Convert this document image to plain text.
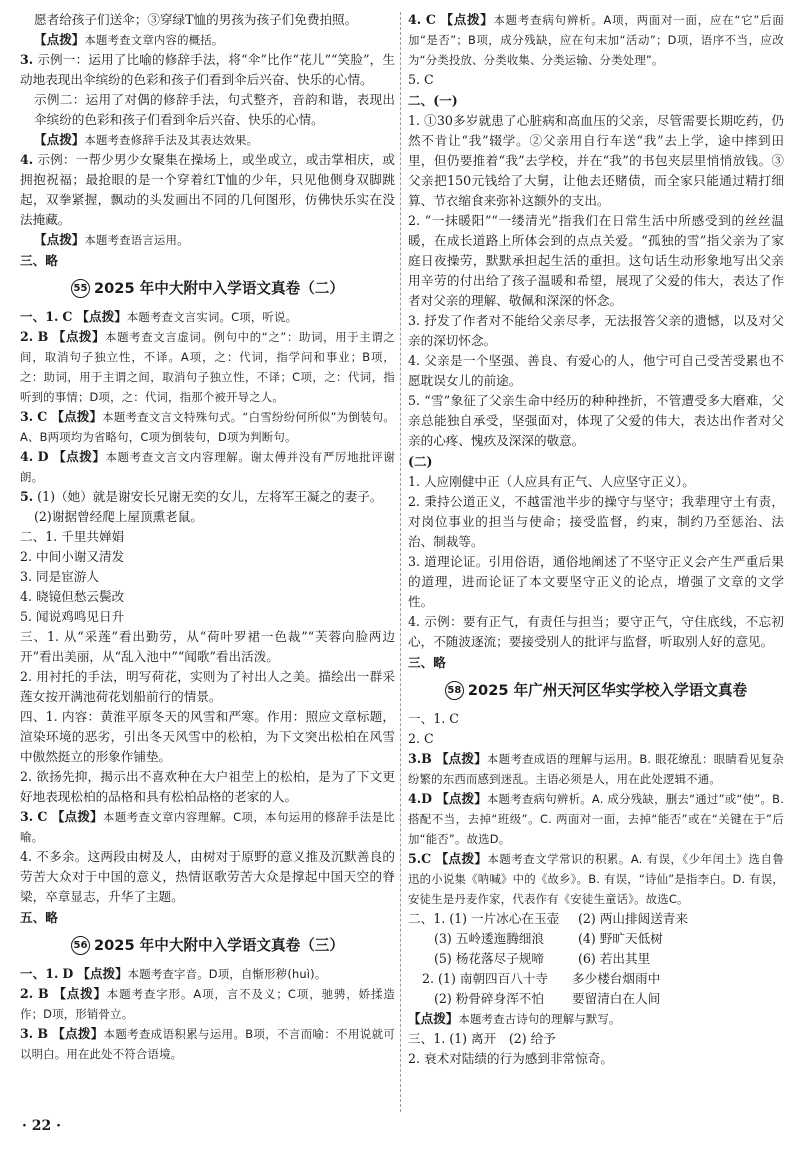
愿者给孩子们送伞；③穿绿T恤的男孩为孩子们免费拍照。

【点拨】本题考查文章内容的概括。

3. 示例一：运用了比喻的修辞手法，将“伞”比作“花儿”“笑脸”，生动地表现出伞缤纷的色彩和孩子们看到伞后兴奋、快乐的心情。

示例二：运用了对偶的修辞手法，句式整齐，音韵和谐，表现出伞缤纷的色彩和孩子们看到伞后兴奋、快乐的心情。

【点拨】本题考查修辞手法及其表达效果。

4. 示例：一帮少男少女聚集在操场上，或坐或立，或击掌相庆，或拥抱祝福；最抢眼的是一个穿着红T恤的少年，只见他侧身双脚跳起，双拳紧握，飘动的头发画出不同的几何图形，仿佛快乐实在没法掩藏。

【点拨】本题考查语言运用。

三、略

55 2025 年中大附中入学语文真卷（二）

一、1. C 【点拨】本题考查文言实词。C项，听说。

2. B 【点拨】本题考查文言虚词。例句中的“之”：助词，用于主谓之间，取消句子独立性，不译。A项，之：代词，指学问和事业；B项，之：助词，用于主谓之间，取消句子独立性，不译；C项，之：代词，指听到的事情；D项，之：代词，指那个被开导之人。

3. C 【点拨】本题考查文言文特殊句式。“白雪纷纷何所似”为倒装句。A、B两项均为省略句，C项为倒装句，D项为判断句。

4. D 【点拨】本题考查文言文内容理解。谢太傅并没有严厉地批评谢朗。

5. (1)（她）就是谢安长兄谢无奕的女儿，左将军王凝之的妻子。

(2)谢据曾经爬上屋顶熏老鼠。

二、1. 千里共婵娟

2. 中间小谢又清发

3. 同是宦游人

4. 晓镜但愁云鬓改

5. 闻说鸡鸣见日升

三、1. 从“采莲”看出勤劳，从“荷叶罗裙一色裁”“芙蓉向脸两边开”看出美丽，从“乱入池中”“闻歌”看出活泼。

2. 用衬托的手法，明写荷花，实则为了衬出人之美。描绘出一群采莲女按开满池荷花划船前行的情景。

四、1. 内容：黄淮平原冬天的风雪和严寒。作用：照应文章标题，渲染环境的恶劣，引出冬天风雪中的松柏，为下文突出松柏在风雪中傲然挺立的形象作铺垫。

2. 欲扬先抑，揭示出不喜欢种在大户祖茔上的松柏，是为了下文更好地表现松柏的品格和具有松柏品格的老家的人。

3. C 【点拨】本题考查文章内容理解。C项，本句运用的修辞手法是比喻。

4. 不多余。这两段由树及人，由树对于原野的意义推及沉默善良的劳苦大众对于中国的意义，热情讴歌劳苦大众是撑起中国天空的脊梁，卒章显志，升华了主题。

五、略

56 2025 年中大附中入学语文真卷（三）

一、1. D 【点拨】本题考查字音。D项，自惭形秽(huì)。

2. B 【点拨】本题考查字形。A项，言不及义；C项，驰骋，娇揉造作；D项，形销骨立。

3. B 【点拨】本题考查成语积累与运用。B项，不言而喻：不用说就可以明白。用在此处不符合语境。

4. C 【点拨】本题考查病句辨析。A项，两面对一面，应在“它”后面加“是否”；B项，成分残缺，应在句末加“活动”；D项，语序不当，应改为“分类投放、分类收集、分类运输、分类处理”。

5. C

二、(一)

1. ①30多岁就患了心脏病和高血压的父亲，尽管需要长期吃药，仍然不肯让“我”辍学。②父亲用自行车送“我”去上学，途中摔到田里，但仍要推着“我”去学校，并在“我”的书包夹层里悄悄放钱。③父亲把150元钱给了大舅，让他去还赌债，而全家只能通过精打细算、节衣缩食来弥补这额外的支出。

2. “一抹暖阳”“一缕清光”指我们在日常生活中所感受到的丝丝温暖，在成长道路上所体会到的点点关爱。“孤独的雪”指父亲为了家庭日夜操劳，默默承担起生活的重担。这句话生动形象地写出父亲用辛劳的付出给了孩子温暖和希望，展现了父爱的伟大，表达了作者对父亲的理解、敬佩和深深的怀念。

3. 抒发了作者对不能给父亲尽孝，无法报答父亲的遗憾，以及对父亲的深切怀念。

4. 父亲是一个坚强、善良、有爱心的人，他宁可自己受苦受累也不愿耽误女儿的前途。

5. “雪”象征了父亲生命中经历的种种挫折，不管遭受多大磨难，父亲总能独自承受，坚强面对，体现了父爱的伟大，表达出作者对父亲的心疼、愧疚及深深的敬意。

(二)

1. 人应刚健中正（人应具有正气、人应坚守正义）。

2. 秉持公道正义，不越雷池半步的操守与坚守；我辈理守土有责，对岗位事业的担当与使命；接受监督，约束，制约乃至惩治、法治、制裁等。

3. 道理论证。引用俗语，通俗地阐述了不坚守正义会产生严重后果的道理，进而论证了本文要坚守正义的论点，增强了文章的文学性。

4. 示例：要有正气，有责任与担当；要守正气，守住底线，不忘初心，不随波逐流；要接受别人的批评与监督，听取别人好的意见。

三、略

58 2025 年广州天河区华实学校入学语文真卷

一、1. C

2. C

3.B 【点拨】本题考查成语的理解与运用。B. 眼花缭乱：眼睛看见复杂纷繁的东西而感到迷乱。主语必须是人，用在此处逻辑不通。

4.D 【点拨】本题考查病句辨析。A. 成分残缺，删去“通过”或“使”。B. 搭配不当，去掉“班级”。C. 两面对一面，去掉“能否”或在“关键在于”后加“能否”。故选D。

5.C 【点拨】本题考查文学常识的积累。A. 有误，《少年闰土》选自鲁迅的小说集《呐喊》中的《故乡》。B. 有误，“诗仙”是指李白。D. 有误，安徒生是丹麦作家，代表作有《安徒生童话》。故选C。

二、1. (1) 一片冰心在玉壶	(2) 两山排闼送青来
(3) 五岭逶迤腾细浪	(4) 野旷天低树
(5) 杨花落尽子规啼	(6) 若出其里
2. (1) 南朝四百八十寺	多少楼台烟雨中
(2) 粉骨碎身浑不怕	要留清白在人间

【点拨】本题考查古诗句的理解与默写。

三、1. (1) 离开　(2) 给予

2. 衰术对陆绩的行为感到非常惊奇。

· 22 ·
